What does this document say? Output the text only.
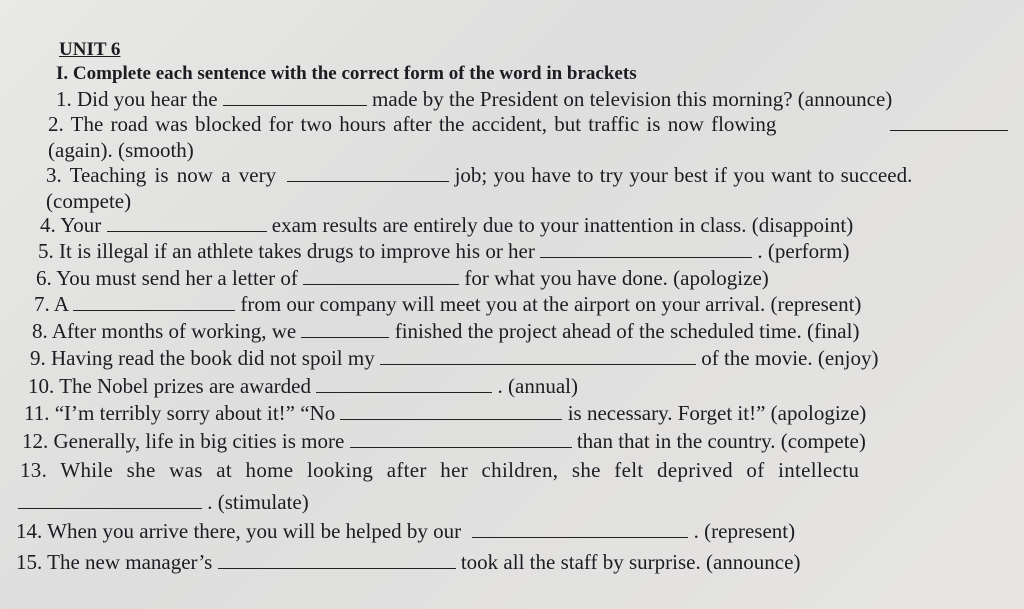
UNIT 6
I. Complete each sentence with the correct form of the word in brackets
1. Did you hear the	made by the President on television this morning? (announce)
2. The road was blocked for two hours after the accident, but traffic is now flowing
(again). (smooth)
3. Teaching is now a very	job; you have to try your best if you want to succeed.
(compete)
4. Your	exam results are entirely due to your inattention in class. (disappoint)
5. It is illegal if an athlete takes drugs to improve his or her	. (perform)
6. You must send her a letter of	for what you have done. (apologize)
7. A	from our company will meet you at the airport on your arrival. (represent)
8. After months of working, we	finished the project ahead of the scheduled time. (final)
9. Having read the book did not spoil my	of the movie. (enjoy)
10. The Nobel prizes are awarded	. (annual)
11. “I’m terribly sorry about it!” “No	is necessary. Forget it!” (apologize)
12. Generally, life in big cities is more	than that in the country. (compete)
13. While she was at home looking after her children, she felt deprived of intellectu
. (stimulate)
14. When you arrive there, you will be helped by our	. (represent)
15. The new manager’s	took all the staff by surprise. (announce)
